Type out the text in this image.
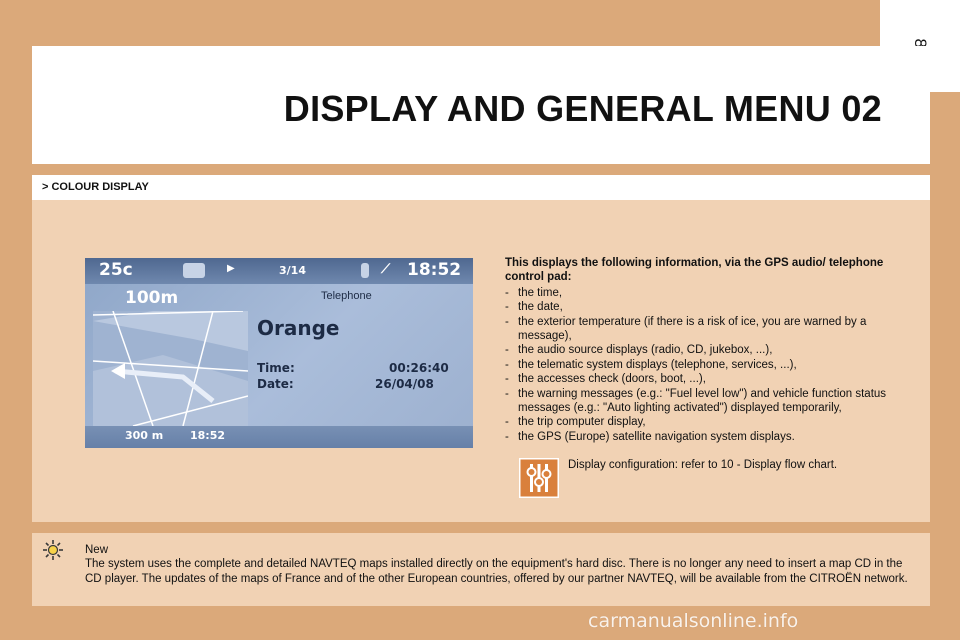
DISPLAY AND GENERAL MENU 02
> COLOUR DISPLAY
25c	▶	3/14	⟋ 18:52
100m	Telephone
Orange
Time:	00:26:40
Date:	26/04/08
300 m 18:52

This displays the following information, via the GPS audio/ telephone control pad:

- the time,
- the date,
- the exterior temperature (if there is a risk of ice, you are warned by a message),
- the audio source displays (radio, CD, jukebox, ...),
- the telematic system displays (telephone, services, ...),
- the accesses check (doors, boot, ...),
- the warning messages (e.g.: "Fuel level low") and vehicle function status messages (e.g.: "Auto lighting activated") displayed temporarily,
- the trip computer display,
- the GPS (Europe) satellite navigation system displays.
Display configuration: refer to 10 - Display flow chart.
New
The system uses the complete and detailed NAVTEQ maps installed directly on the equipment's hard disc. There is no longer any need to insert a map CD in the CD player. The updates of the maps of France and of the other European countries, offered by our partner NAVTEQ, will be available from the CITROËN network.
carmanualsonline.info
